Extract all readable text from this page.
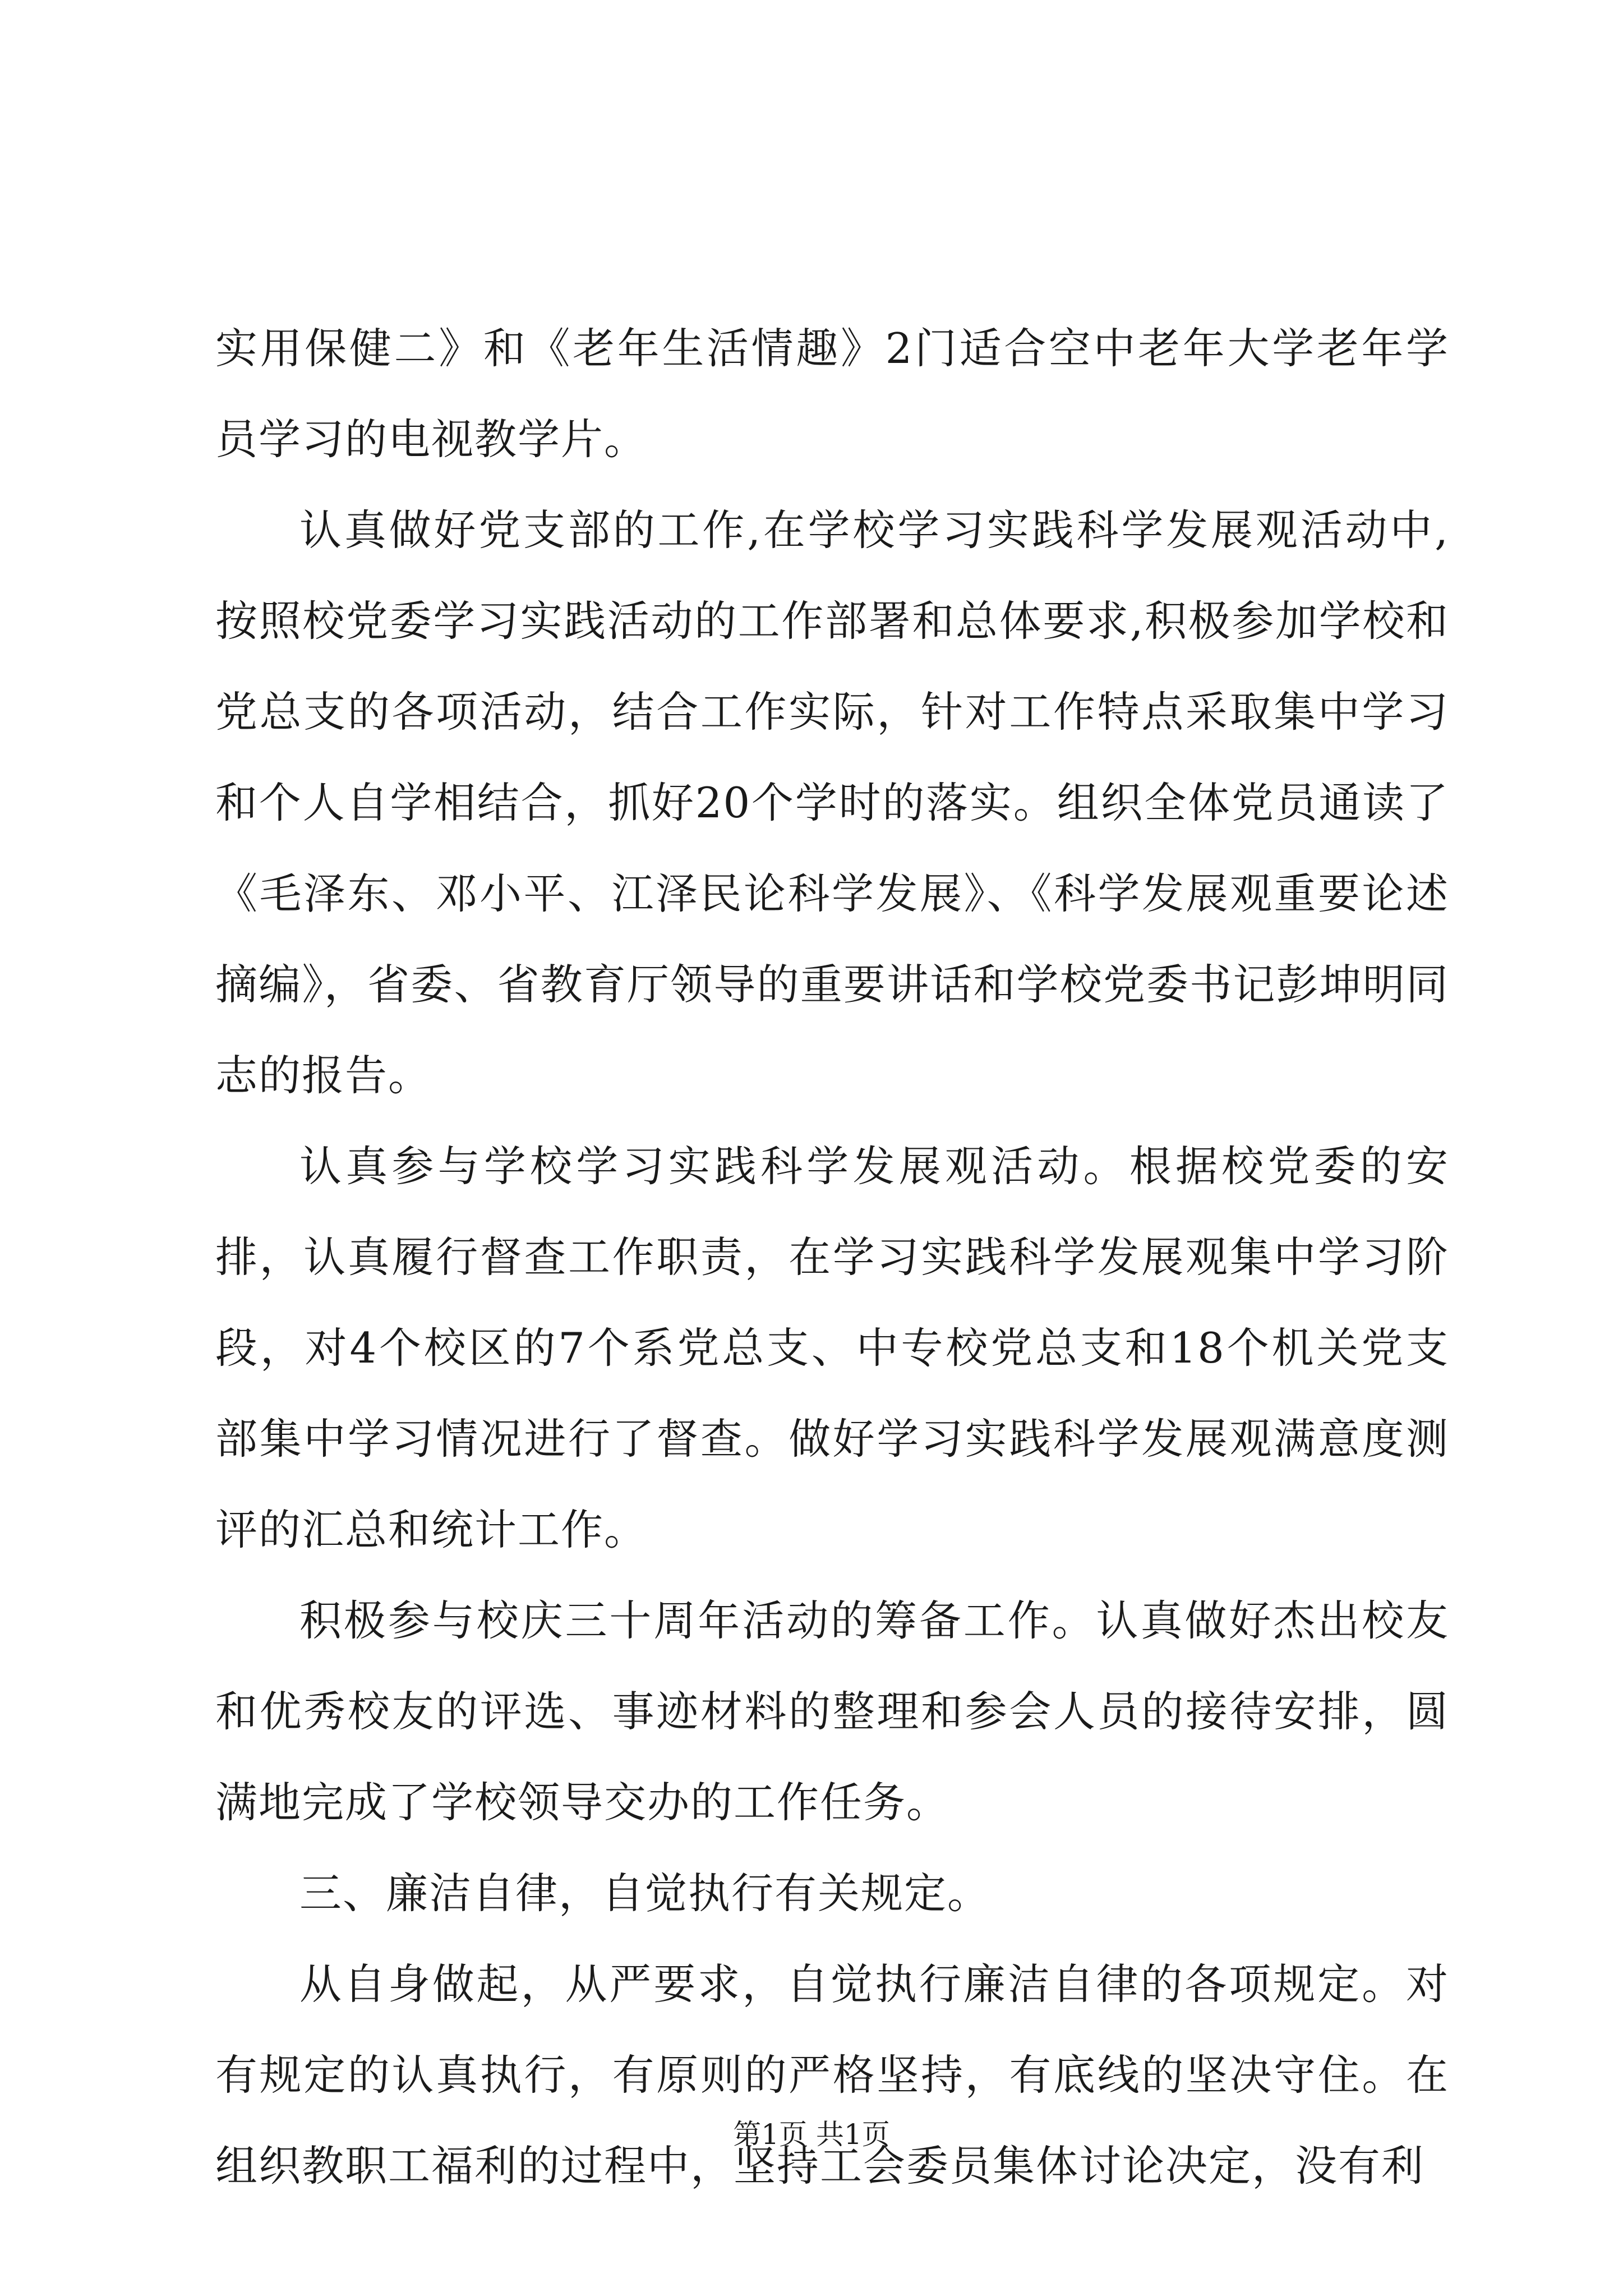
实用保健二》和《老年生活情趣》2门适合空中老年大学老年学员学习的电视教学片。

认真做好党支部的工作,在学校学习实践科学发展观活动中,按照校党委学习实践活动的工作部署和总体要求,积极参加学校和党总支的各项活动，结合工作实际，针对工作特点采取集中学习和个人自学相结合，抓好20个学时的落实。组织全体党员通读了《毛泽东、邓小平、江泽民论科学发展》、《科学发展观重要论述摘编》，省委、省教育厅领导的重要讲话和学校党委书记彭坤明同志的报告。

认真参与学校学习实践科学发展观活动。根据校党委的安排，认真履行督查工作职责，在学习实践科学发展观集中学习阶段，对4个校区的7个系党总支、中专校党总支和18个机关党支部集中学习情况进行了督查。做好学习实践科学发展观满意度测评的汇总和统计工作。

积极参与校庆三十周年活动的筹备工作。认真做好杰出校友和优秀校友的评选、事迹材料的整理和参会人员的接待安排，圆满地完成了学校领导交办的工作任务。

三、廉洁自律，自觉执行有关规定。

从自身做起，从严要求，自觉执行廉洁自律的各项规定。对有规定的认真执行，有原则的严格坚持，有底线的坚决守住。在组织教职工福利的过程中，坚持工会委员集体讨论决定，没有利

第1页 共1页
